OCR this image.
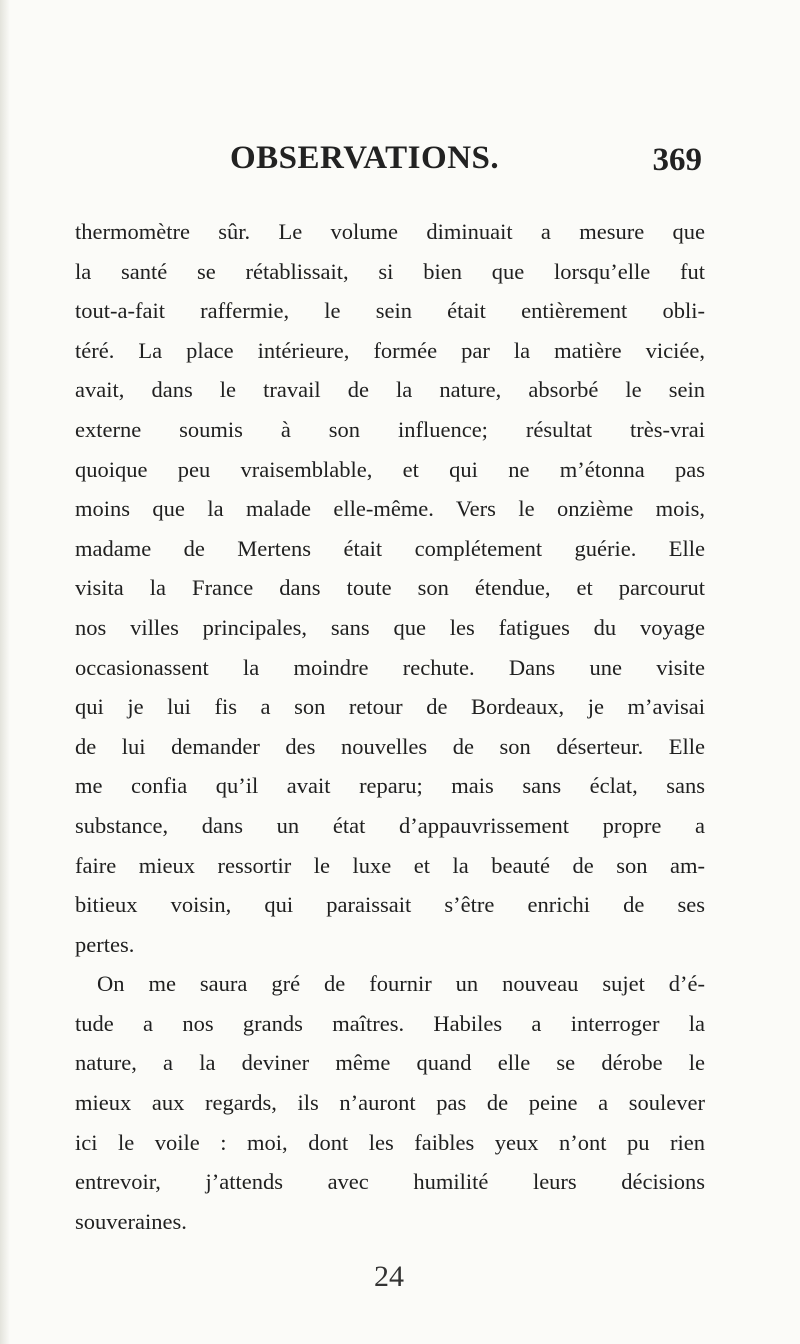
OBSERVATIONS.	369
thermomètre sûr. Le volume diminuait a mesure que
la santé se rétablissait, si bien que lorsqu’elle fut
tout-a-fait raffermie, le sein était entièrement obli-
téré. La place intérieure, formée par la matière viciée,
avait, dans le travail de la nature, absorbé le sein
externe soumis à son influence; résultat très-vrai
quoique peu vraisemblable, et qui ne m’étonna pas
moins que la malade elle-même. Vers le onzième mois,
madame de Mertens était complétement guérie. Elle
visita la France dans toute son étendue, et parcourut
nos villes principales, sans que les fatigues du voyage
occasionassent la moindre rechute. Dans une visite
qui je lui fis a son retour de Bordeaux, je m’avisai
de lui demander des nouvelles de son déserteur. Elle
me confia qu’il avait reparu; mais sans éclat, sans
substance, dans un état d’appauvrissement propre a
faire mieux ressortir le luxe et la beauté de son am-
bitieux voisin, qui paraissait s’être enrichi de ses
pertes.
On me saura gré de fournir un nouveau sujet d’é-
tude a nos grands maîtres. Habiles a interroger la
nature, a la deviner même quand elle se dérobe le
mieux aux regards, ils n’auront pas de peine a soulever
ici le voile : moi, dont les faibles yeux n’ont pu rien
entrevoir, j’attends avec humilité leurs décisions
souveraines.
24
